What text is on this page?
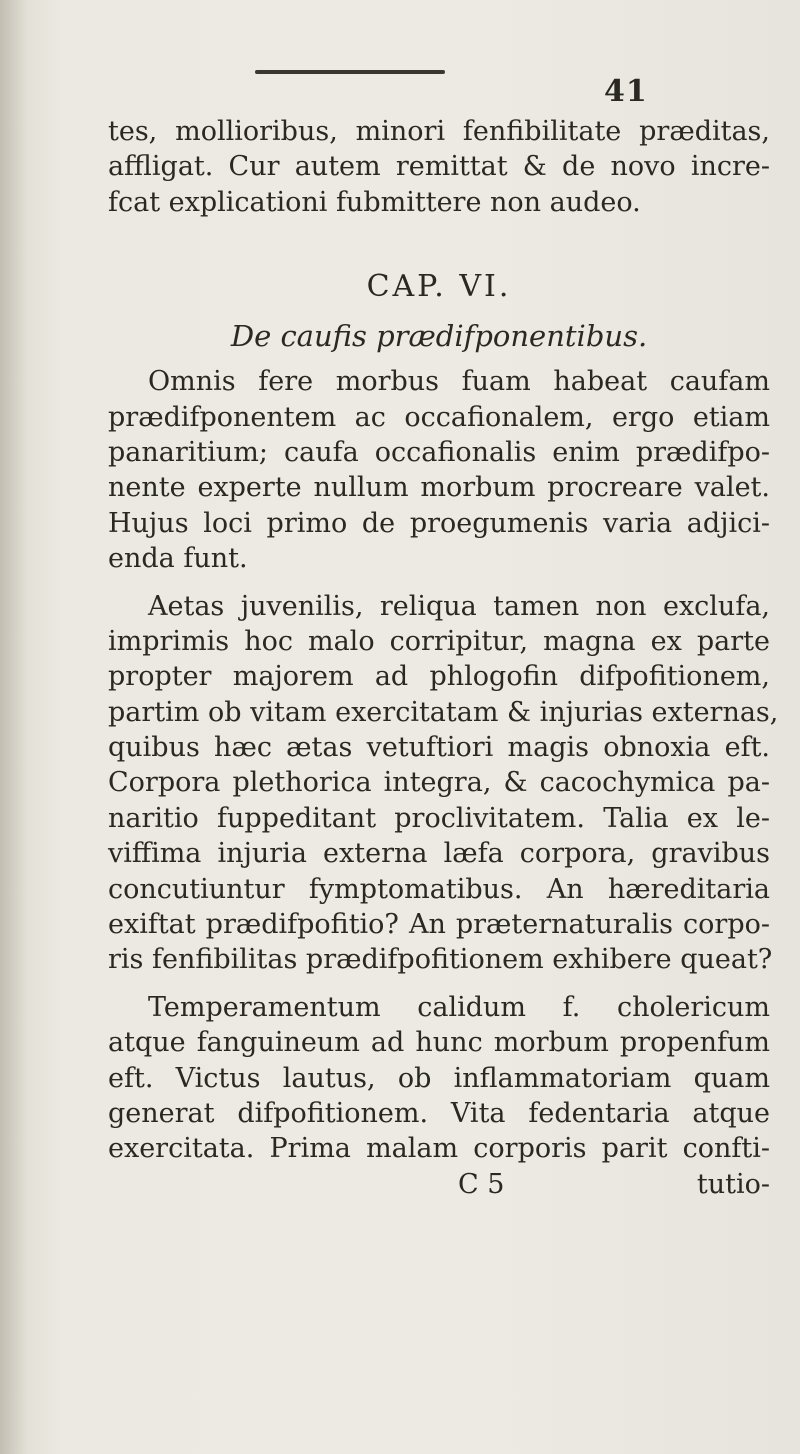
41
tes, mollioribus, minori fenfibilitate præditas,
affligat. Cur autem remittat & de novo incre-
fcat explicationi fubmittere non audeo.
CAP. VI.
De caufis prædifponentibus.
Omnis fere morbus fuam habeat caufam
prædifponentem ac occafionalem, ergo etiam
panaritium; caufa occafionalis enim prædifpo-
nente experte nullum morbum procreare valet.
Hujus loci primo de proegumenis varia adjici-
enda funt.
Aetas juvenilis, reliqua tamen non exclufa,
imprimis hoc malo corripitur, magna ex parte
propter majorem ad phlogofin difpofitionem,
partim ob vitam exercitatam & injurias externas,
quibus hæc ætas vetuftiori magis obnoxia eft.
Corpora plethorica integra, & cacochymica pa-
naritio fuppeditant proclivitatem. Talia ex le-
viffima injuria externa læfa corpora, gravibus
concutiuntur fymptomatibus. An hæreditaria
exiftat prædifpofitio? An præternaturalis corpo-
ris fenfibilitas prædifpofitionem exhibere queat?
Temperamentum calidum f. cholericum
atque fanguineum ad hunc morbum propenfum
eft. Victus lautus, ob inflammatoriam quam
generat difpofitionem. Vita fedentaria atque
exercitata. Prima malam corporis parit confti-
C 5	tutio-
